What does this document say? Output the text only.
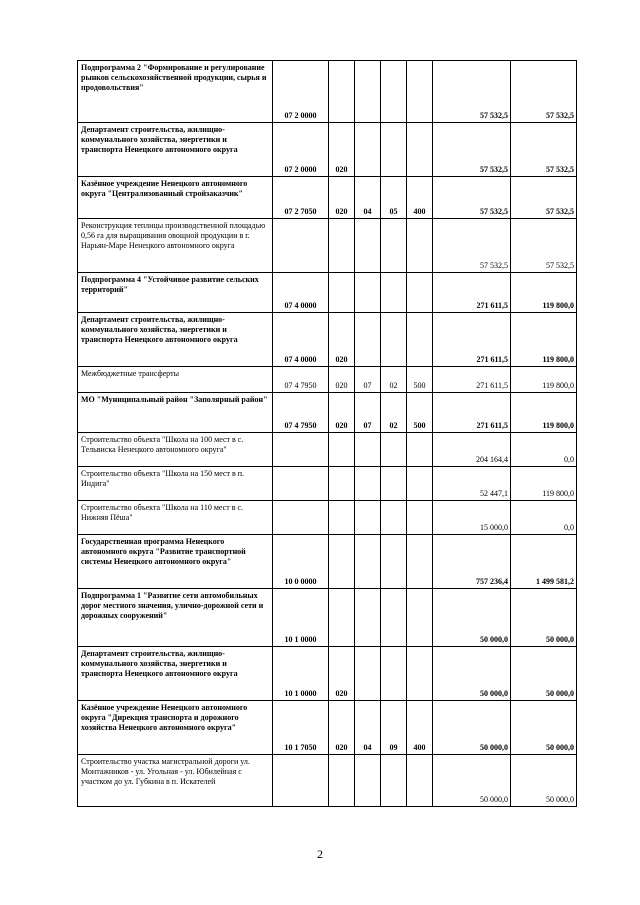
Подпрограмма 2 "Формирование и регулирование рынков сельскохозяйственной продукции, сырья и продовольствия"	07 2 0000					57 532,5	57 532,5
Департамент строительства, жилищно-коммунального хозяйства, энергетики и транспорта Ненецкого автономного округа	07 2 0000	020				57 532,5	57 532,5
Казённое учреждение Ненецкого автономного округа "Централизованный стройзаказчик"	07 2 7050	020	04	05	400	57 532,5	57 532,5
Реконструкция теплицы производственной площадью 0,56 га для выращивания овощной продукции в г. Нарьян-Маре Ненецкого автономного округа						57 532,5	57 532,5
Подпрограмма 4 "Устойчивое развитие сельских территорий"	07 4 0000					271 611,5	119 800,0
Департамент строительства, жилищно-коммунального хозяйства, энергетики и транспорта Ненецкого автономного округа	07 4 0000	020				271 611,5	119 800,0
Межбюджетные трансферты	07 4 7950	020	07	02	500	271 611,5	119 800,0
МО "Муниципальный район "Заполярный район"	07 4 7950	020	07	02	500	271 611,5	119 800,0
Строительство объекта "Школа на 100 мест в с. Тельвиска Ненецкого автономного округа"						204 164,4	0,0
Строительство объекта "Школа на 150 мест в п. Индига"						52 447,1	119 800,0
Строительство объекта "Школа на 110 мест в с. Нижняя Пёша"						15 000,0	0,0
Государственная программа Ненецкого автономного округа "Развитие транспортной системы Ненецкого автономного округа"	10 0 0000					757 236,4	1 499 581,2
Подпрограмма 1 "Развитие сети автомобильных дорог местного значения, улично-дорожной сети и дорожных сооружений"	10 1 0000					50 000,0	50 000,0
Департамент строительства, жилищно-коммунального хозяйства, энергетики и транспорта Ненецкого автономного округа	10 1 0000	020				50 000,0	50 000,0
Казённое учреждение Ненецкого автономного округа "Дирекция транспорта и дорожного хозяйства Ненецкого автономного округа"	10 1 7050	020	04	09	400	50 000,0	50 000,0
Строительство участка магистральной дороги ул. Монтажников - ул. Угольная - ул. Юбилейная с участком до ул. Губкина в п. Искателей						50 000,0	50 000,0
2
